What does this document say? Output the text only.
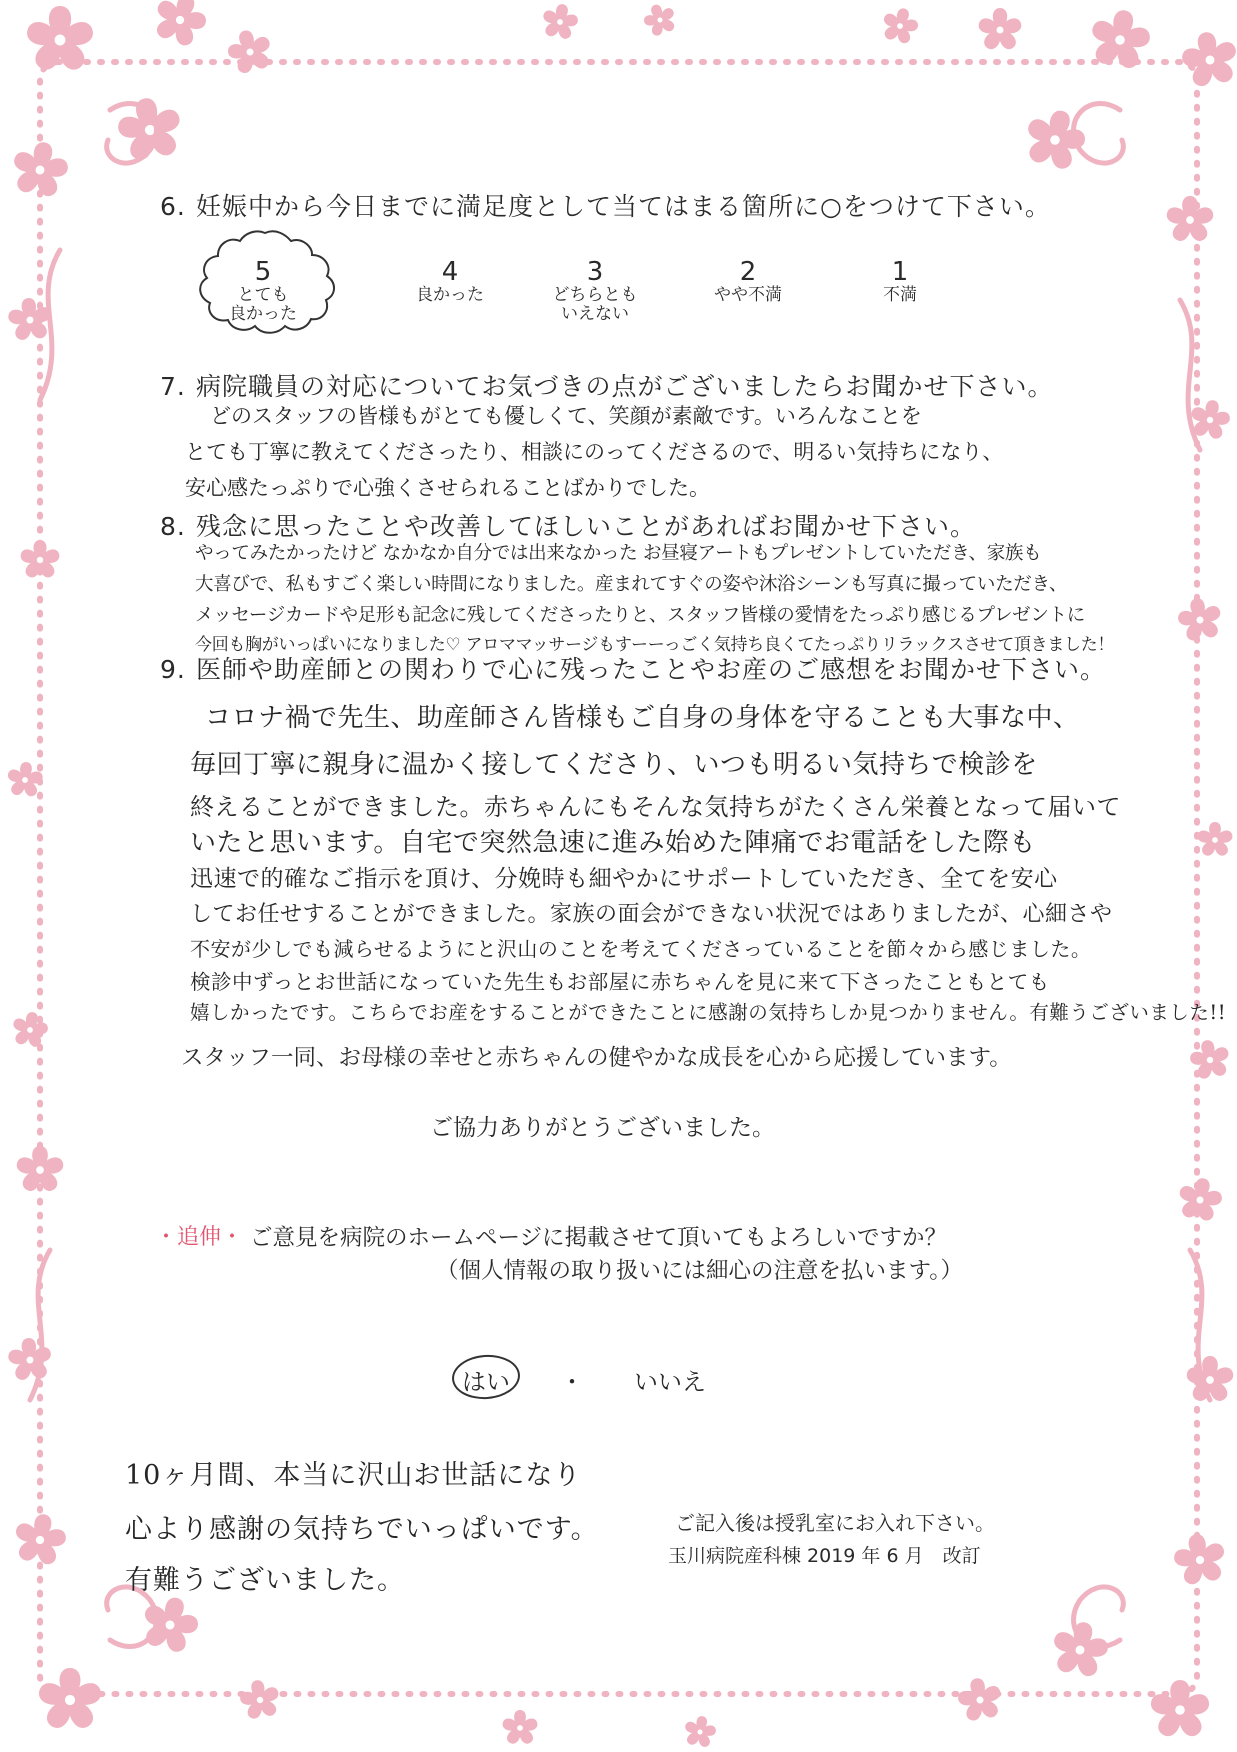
6. 妊娠中から今日までに満足度として当てはまる箇所に○をつけて下さい。
5
とても
良かった
4
良かった
3
どちらとも
いえない
2
やや不満
1
不満
7. 病院職員の対応についてお気づきの点がございましたらお聞かせ下さい。
どのスタッフの皆様もがとても優しくて、笑顔が素敵です。いろんなことを
とても丁寧に教えてくださったり、相談にのってくださるので、明るい気持ちになり、
安心感たっぷりで心強くさせられることばかりでした。
8. 残念に思ったことや改善してほしいことがあればお聞かせ下さい。
やってみたかったけど なかなか自分では出来なかった お昼寝アートもプレゼントしていただき、家族も
大喜びで、私もすごく楽しい時間になりました。産まれてすぐの姿や沐浴シーンも写真に撮っていただき、
メッセージカードや足形も記念に残してくださったりと、スタッフ皆様の愛情をたっぷり感じるプレゼントに
今回も胸がいっぱいになりました♡ アロママッサージもすーーっごく気持ち良くてたっぷりリラックスさせて頂きました！
9. 医師や助産師との関わりで心に残ったことやお産のご感想をお聞かせ下さい。
コロナ禍で先生、助産師さん皆様もご自身の身体を守ることも大事な中、
毎回丁寧に親身に温かく接してくださり、いつも明るい気持ちで検診を
終えることができました。赤ちゃんにもそんな気持ちがたくさん栄養となって届いて
いたと思います。自宅で突然急速に進み始めた陣痛でお電話をした際も
迅速で的確なご指示を頂け、分娩時も細やかにサポートしていただき、全てを安心
してお任せすることができました。家族の面会ができない状況ではありましたが、心細さや
不安が少しでも減らせるようにと沢山のことを考えてくださっていることを節々から感じました。
検診中ずっとお世話になっていた先生もお部屋に赤ちゃんを見に来て下さったこともとても
嬉しかったです。こちらでお産をすることができたことに感謝の気持ちしか見つかりません。有難うございました!!
スタッフ一同、お母様の幸せと赤ちゃんの健やかな成長を心から応援しています。
ご協力ありがとうございました。
・追伸・ ご意見を病院のホームページに掲載させて頂いてもよろしいですか？
（個人情報の取り扱いには細心の注意を払います。）
はい ・ いいえ
10ヶ月間、本当に沢山お世話になり
心より感謝の気持ちでいっぱいです。
有難うございました。
ご記入後は授乳室にお入れ下さい。
玉川病院産科棟 2019 年 6 月　改訂
